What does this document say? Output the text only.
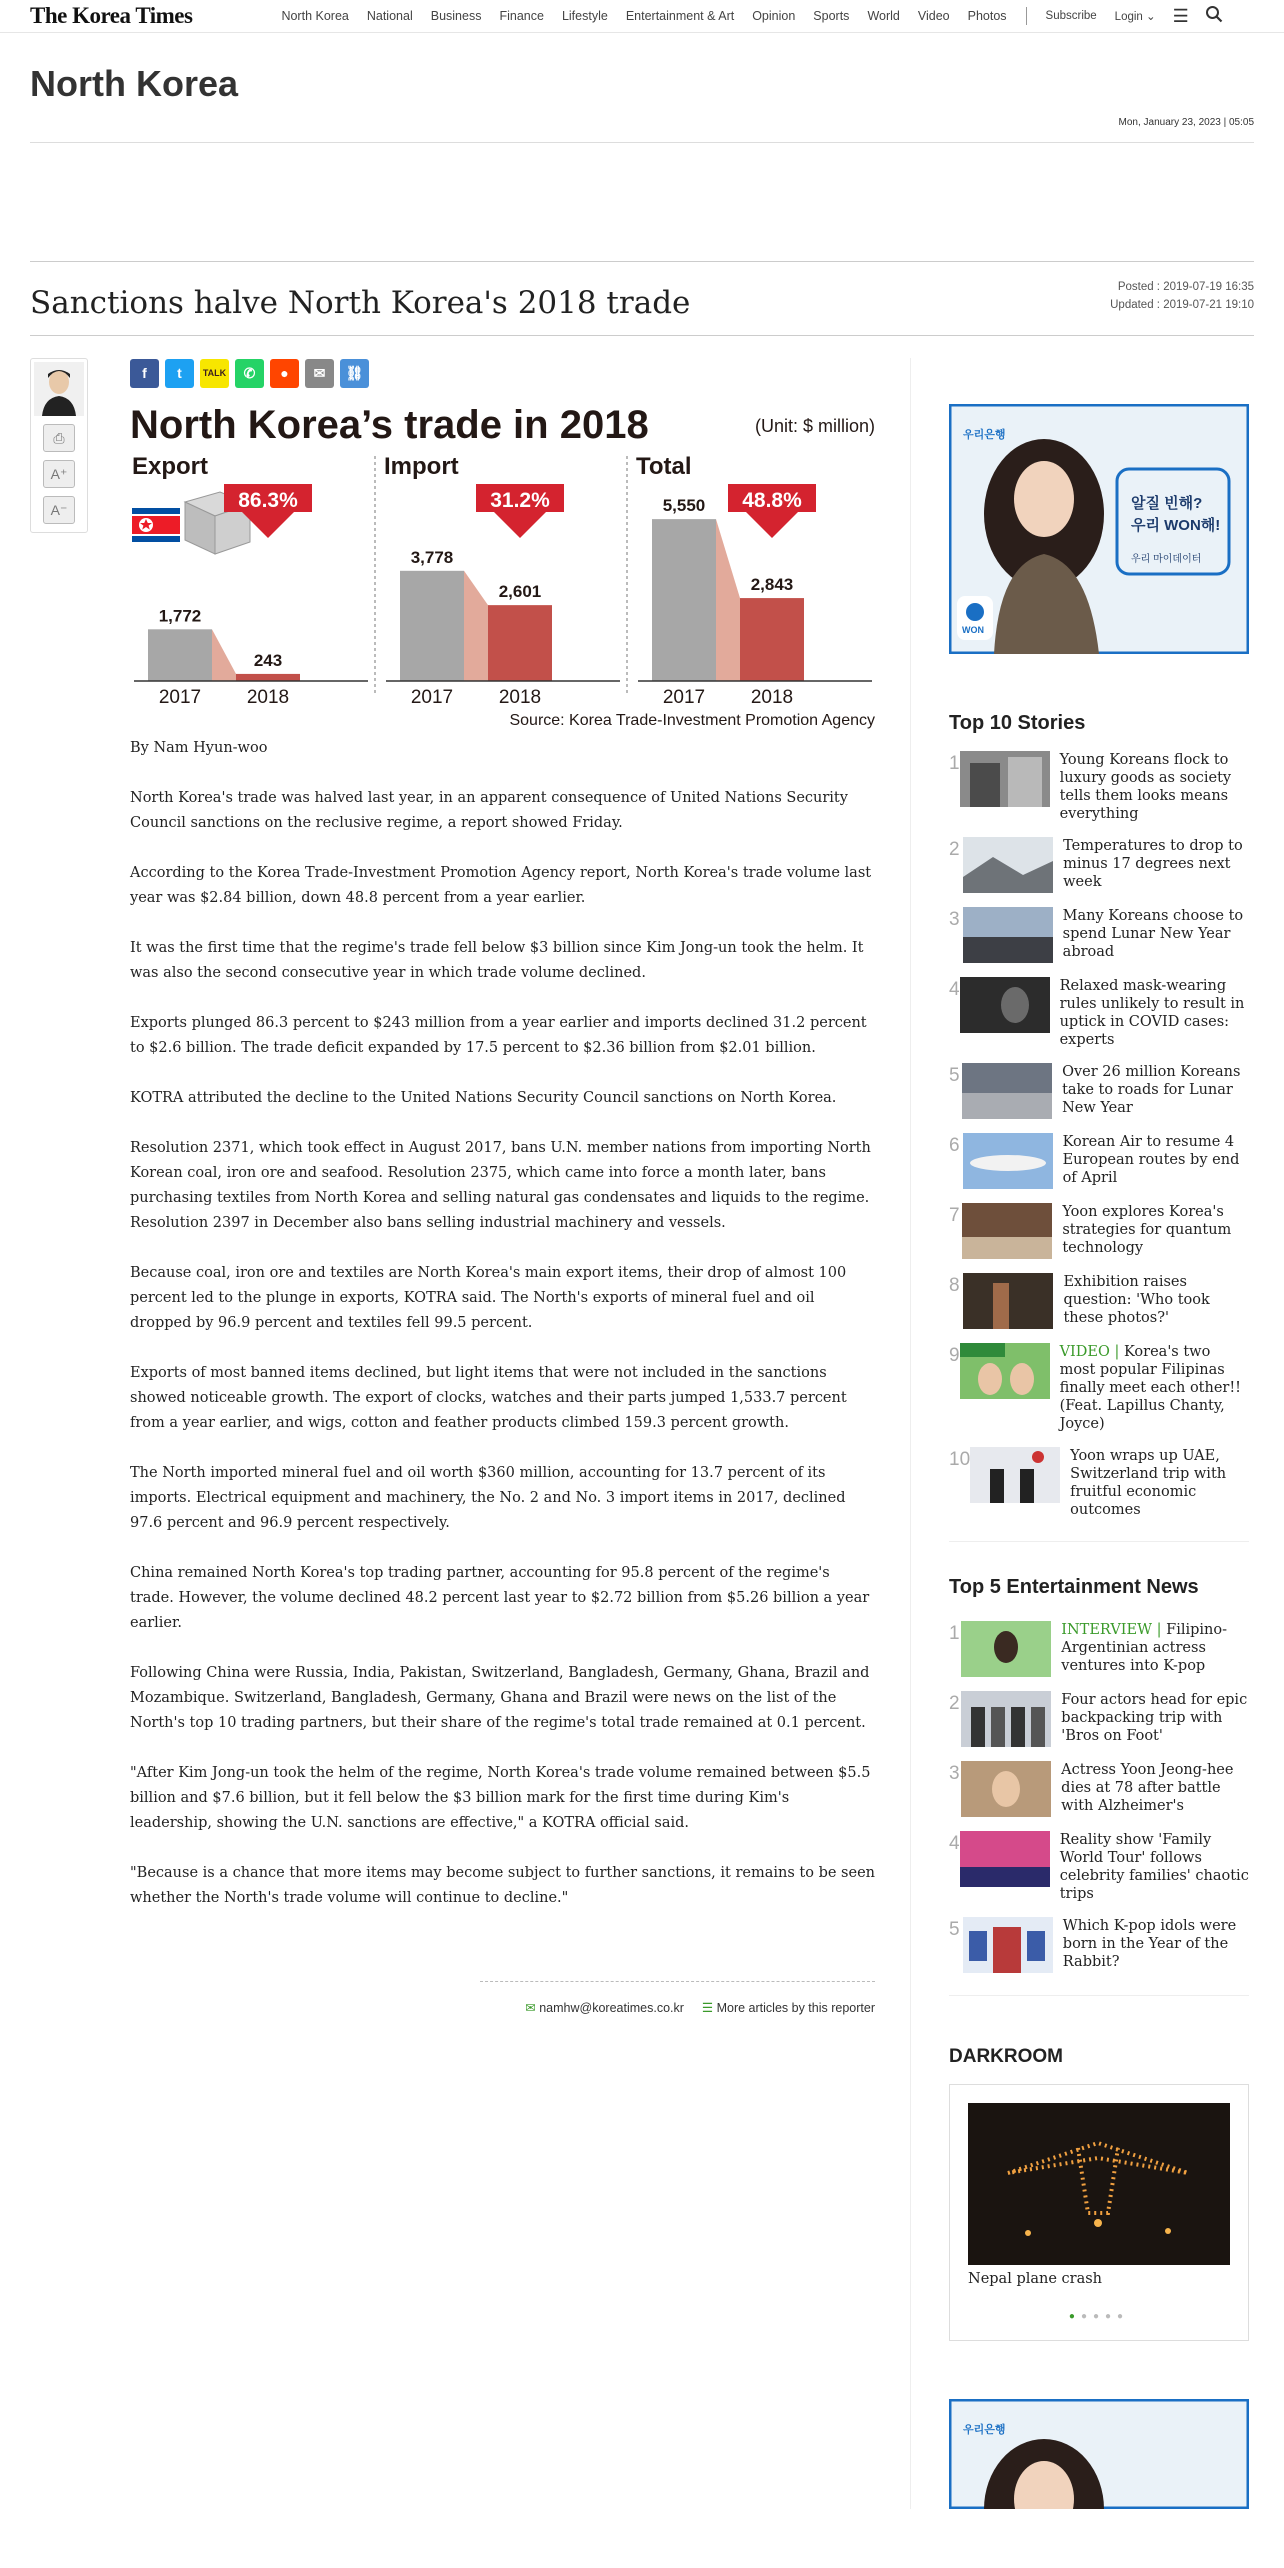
The Korea Times	North Korea	National	Business	Finance	Lifestyle	Entertainment & Art	Opinion	Sports	World	Video	Photos	Subscribe	Login ⌄ ☰
North Korea
Mon, January 23, 2023 | 05:05
Sanctions halve North Korea's 2018 trade	Posted : 2019-07-19 16:35
Updated : 2019-07-21 19:10
⎙
A⁺
A⁻
f	t	TALK	✆	●	✉	⛓
North Korea’s trade in 2018	(Unit: $ million)
Source: Korea Trade-Investment Promotion Agency
Export
1,772
243
2017 2018
86.3%
Import
3,778
2,601
2017 2018
31.2%
Total
5,550
2,843
2017 2018
48.8%

By Nam Hyun-woo

North Korea's trade was halved last year, in an apparent consequence of United Nations Security Council sanctions on the reclusive regime, a report showed Friday.

According to the Korea Trade-Investment Promotion Agency report, North Korea's trade volume last year was $2.84 billion, down 48.8 percent from a year earlier.

It was the first time that the regime's trade fell below $3 billion since Kim Jong-un took the helm. It was also the second consecutive year in which trade volume declined.

Exports plunged 86.3 percent to $243 million from a year earlier and imports declined 31.2 percent to $2.6 billion. The trade deficit expanded by 17.5 percent to $2.36 billion from $2.01 billion.

KOTRA attributed the decline to the United Nations Security Council sanctions on North Korea.

Resolution 2371, which took effect in August 2017, bans U.N. member nations from importing North Korean coal, iron ore and seafood. Resolution 2375, which came into force a month later, bans purchasing textiles from North Korea and selling natural gas condensates and liquids to the regime. Resolution 2397 in December also bans selling industrial machinery and vessels.

Because coal, iron ore and textiles are North Korea's main export items, their drop of almost 100 percent led to the plunge in exports, KOTRA said. The North's exports of mineral fuel and oil dropped by 96.9 percent and textiles fell 99.5 percent.

Exports of most banned items declined, but light items that were not included in the sanctions showed noticeable growth. The export of clocks, watches and their parts jumped 1,533.7 percent from a year earlier, and wigs, cotton and feather products climbed 159.3 percent growth.

The North imported mineral fuel and oil worth $360 million, accounting for 13.7 percent of its imports. Electrical equipment and machinery, the No. 2 and No. 3 import items in 2017, declined 97.6 percent and 96.9 percent respectively.

China remained North Korea's top trading partner, accounting for 95.8 percent of the regime's trade. However, the volume declined 48.2 percent last year to $2.72 billion from $5.26 billion a year earlier.

Following China were Russia, India, Pakistan, Switzerland, Bangladesh, Germany, Ghana, Brazil and Mozambique. Switzerland, Bangladesh, Germany, Ghana and Brazil were news on the list of the North's top 10 trading partners, but their share of the regime's total trade remained at 0.1 percent.

"After Kim Jong-un took the helm of the regime, North Korea's trade volume remained between $5.5 billion and $7.6 billion, but it fell below the $3 billion mark for the first time during Kim's leadership, showing the U.N. sanctions are effective," a KOTRA official said.

"Because is a chance that more items may become subject to further sanctions, it remains to be seen whether the North's trade volume will continue to decline."

✉ namhw@koreatimes.co.kr ☰ More articles by this reporter
우리은행
알질 빈해?
우리 WON해!
우리 마이데이터
WON
Top 10 Stories
1	Young Koreans flock to luxury goods as society tells them looks means everything
2	Temperatures to drop to minus 17 degrees next week
3	Many Koreans choose to spend Lunar New Year abroad
4	Relaxed mask-wearing rules unlikely to result in uptick in COVID cases: experts
5	Over 26 million Koreans take to roads for Lunar New Year
6	Korean Air to resume 4 European routes by end of April
7	Yoon explores Korea's strategies for quantum technology
8	Exhibition raises question: 'Who took these photos?'
9	VIDEO | Korea's two most popular Filipinas finally meet each other!! (Feat. Lapillus Chanty, Joyce)
10	Yoon wraps up UAE, Switzerland trip with fruitful economic outcomes
Top 5 Entertainment News
1	INTERVIEW | Filipino-Argentinian actress ventures into K-pop
2	Four actors head for epic backpacking trip with 'Bros on Foot'
3	Actress Yoon Jeong-hee dies at 78 after battle with Alzheimer's
4	Reality show 'Family World Tour' follows celebrity families' chaotic trips
5	Which K-pop idols were born in the Year of the Rabbit?
DARKROOM
Nepal plane crash
●●●●●
우리은행
